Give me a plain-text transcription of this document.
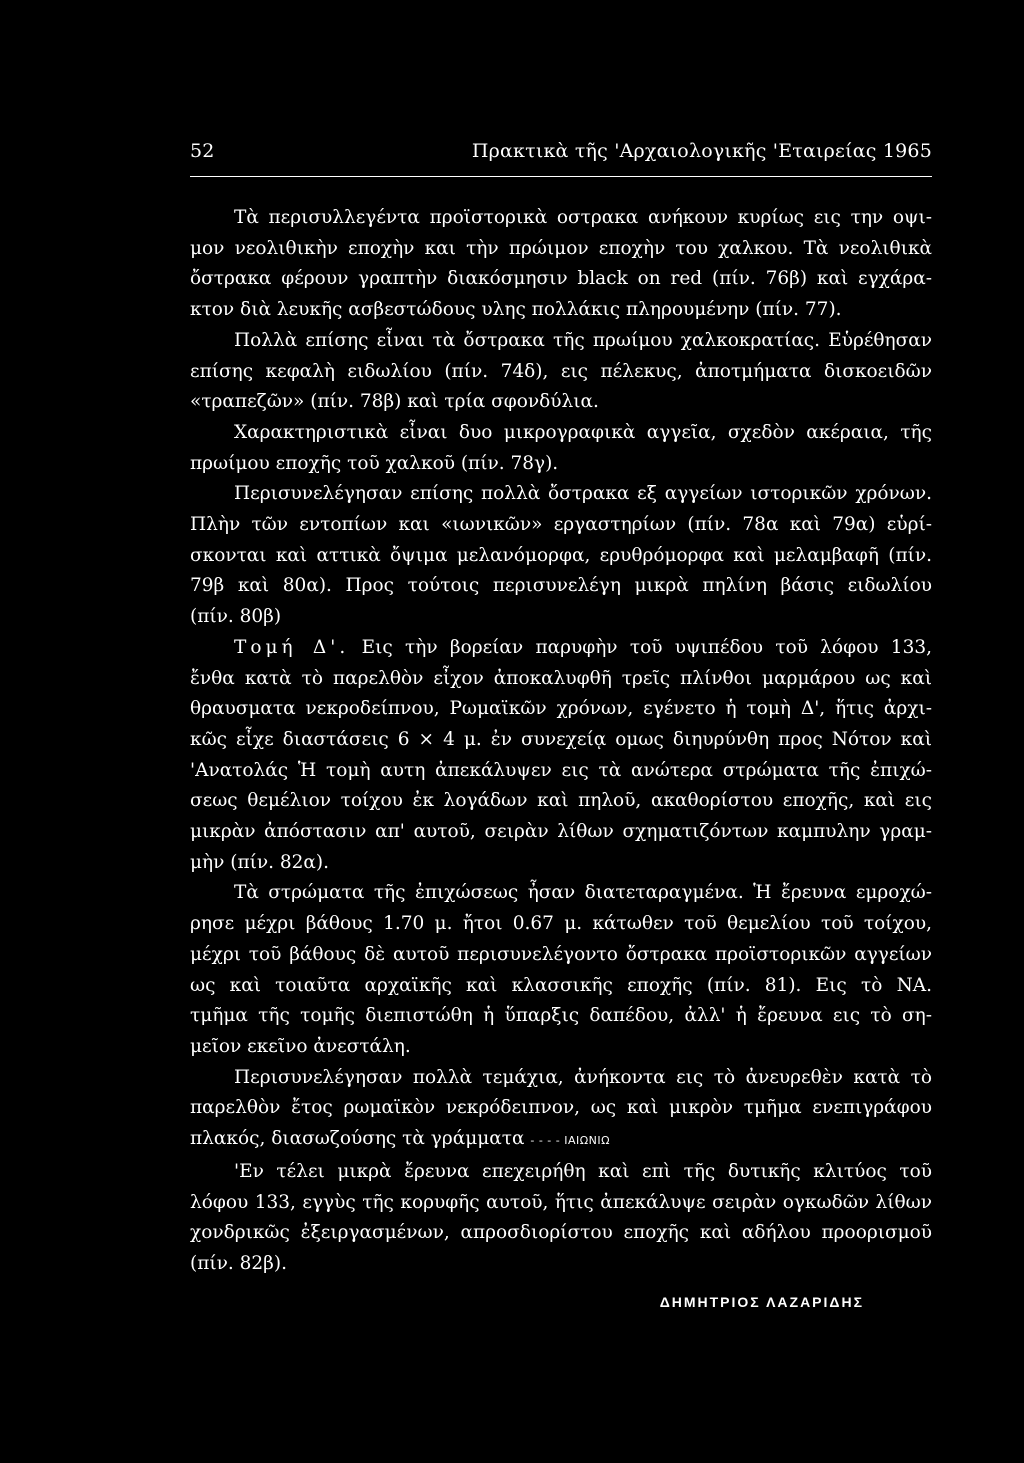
52	Πρακτικὰ τῆς 'Αρχαιολογικῆς 'Εταιρείας 1965
Τὰ περισυλλεγέντα προϊστορικὰ οστρακα ανήκουν κυρίως εις την οψι-
μον νεολιθικὴν εποχὴν και τὴν πρώιμον εποχὴν του χαλκου. Τὰ νεολιθικὰ
ὄστρακα φέρουν γραπτὴν διακόσμησιν black on red (πίν. 76β) καὶ εγχάρα-
κτον διὰ λευκῆς ασβεστώδους υλης πολλάκις πληρουμένην (πίν. 77).
Πολλὰ επίσης εἶναι τὰ ὄστρακα τῆς πρωίμου χαλκοκρατίας. Εὑρέθησαν
επίσης κεφαλὴ ειδωλίου (πίν. 74δ), εις πέλεκυς, ἀποτμήματα δισκοειδῶν
«τραπεζῶν» (πίν. 78β) καὶ τρία σφονδύλια.
Χαρακτηριστικὰ εἶναι δυο μικρογραφικὰ αγγεῖα, σχεδὸν ακέραια, τῆς
πρωίμου εποχῆς τοῦ χαλκοῦ (πίν. 78γ).
Περισυνελέγησαν επίσης πολλὰ ὄστρακα εξ αγγείων ιστορικῶν χρόνων.
Πλὴν τῶν εντοπίων και «ιωνικῶν» εργαστηρίων (πίν. 78α καὶ 79α) εὑρί-
σκονται καὶ αττικὰ ὄψιμα μελανόμορφα, ερυθρόμορφα καὶ μελαμβαφῆ (πίν.
79β καὶ 80α). Προς τούτοις περισυνελέγη μικρὰ πηλίνη βάσις ειδωλίου
(πίν. 80β)
Τομή Δ'. Εις τὴν βορείαν παρυφὴν τοῦ υψιπέδου τοῦ λόφου 133,
ἔνθα κατὰ τὸ παρελθὸν εἶχον ἀποκαλυφθῆ τρεῖς πλίνθοι μαρμάρου ως καὶ
θραυσματα νεκροδείπνου, Ρωμαϊκῶν χρόνων, εγένετο ἡ τομὴ Δ', ἥτις ἀρχι-
κῶς εἶχε διαστάσεις 6 × 4 μ. ἐν συνεχείᾳ ομως διηυρύνθη προς Νότον καὶ
'Ανατολάς Ἡ τομὴ αυτη ἀπεκάλυψεν εις τὰ ανώτερα στρώματα τῆς ἐπιχώ-
σεως θεμέλιον τοίχου ἐκ λογάδων καὶ πηλοῦ, ακαθορίστου εποχῆς, καὶ εις
μικρὰν ἀπόστασιν απ' αυτοῦ, σειρὰν λίθων σχηματιζόντων καμπυλην γραμ-
μὴν (πίν. 82α).
Τὰ στρώματα τῆς ἐπιχώσεως ἦσαν διατεταραγμένα. Ἡ ἔρευνα εμροχώ-
ρησε μέχρι βάθους 1.70 μ. ἤτοι 0.67 μ. κάτωθεν τοῦ θεμελίου τοῦ τοίχου,
μέχρι τοῦ βάθους δὲ αυτοῦ περισυνελέγοντο ὄστρακα προϊστορικῶν αγγείων
ως καὶ τοιαῦτα αρχαϊκῆς καὶ κλασσικῆς εποχῆς (πίν. 81). Εις τὸ ΝΑ.
τμῆμα τῆς τομῆς διεπιστώθη ἡ ὕπαρξις δαπέδου, ἀλλ' ἡ ἔρευνα εις τὸ ση-
μεῖον εκεῖνο ἀνεστάλη.
Περισυνελέγησαν πολλὰ τεμάχια, ἀνήκοντα εις τὸ ἀνευρεθὲν κατὰ τὸ
παρελθὸν ἔτος ρωμαϊκὸν νεκρόδειπνον, ως καὶ μικρὸν τμῆμα ενεπιγράφου
πλακός, διασωζούσης τὰ γράμματα - - - - ΙΑΙΩΝΙΩ
'Εν τέλει μικρὰ ἔρευνα επεχειρήθη καὶ επὶ τῆς δυτικῆς κλιτύος τοῦ
λόφου 133, εγγὺς τῆς κορυφῆς αυτοῦ, ἥτις ἀπεκάλυψε σειρὰν ογκωδῶν λίθων
χονδρικῶς ἐξειργασμένων, απροσδιορίστου εποχῆς καὶ αδήλου προορισμοῦ
(πίν. 82β).
ΔΗΜΗΤΡΙΟΣ ΛΑΖΑΡΙΔΗΣ
